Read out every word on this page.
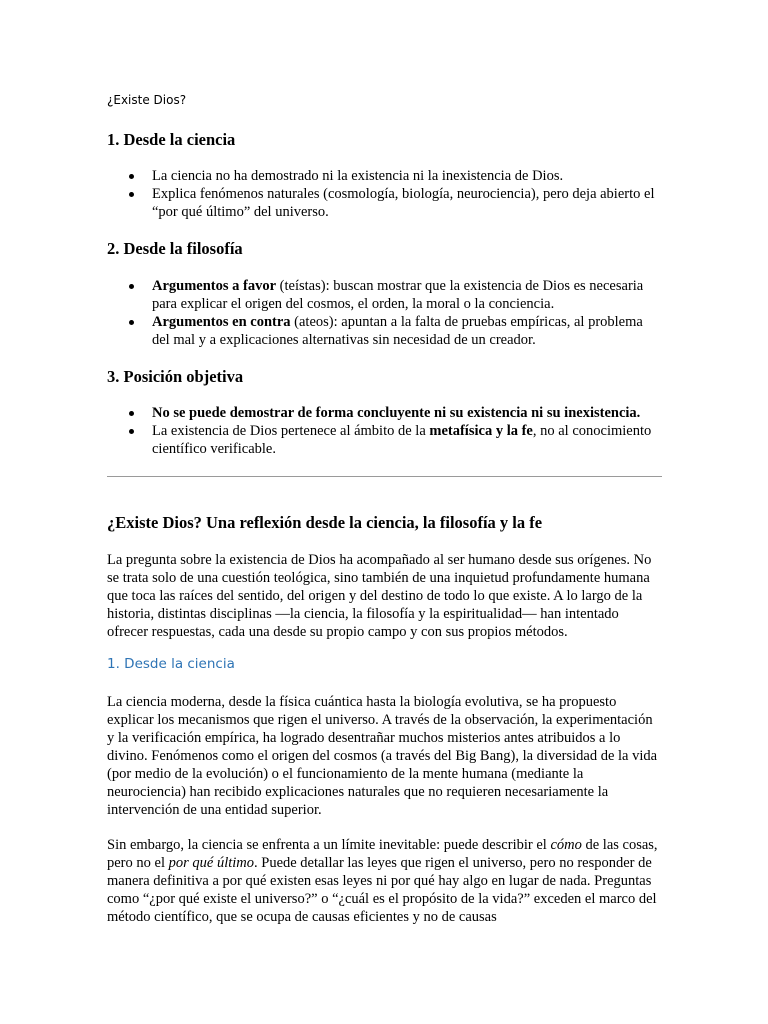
¿Existe Dios?

1. Desde la ciencia
La ciencia no ha demostrado ni la existencia ni la inexistencia de Dios.
Explica fenómenos naturales (cosmología, biología, neurociencia), pero deja abierto el “por qué último” del universo.
2. Desde la filosofía
Argumentos a favor (teístas): buscan mostrar que la existencia de Dios es necesaria para explicar el origen del cosmos, el orden, la moral o la conciencia.
Argumentos en contra (ateos): apuntan a la falta de pruebas empíricas, al problema del mal y a explicaciones alternativas sin necesidad de un creador.
3. Posición objetiva
No se puede demostrar de forma concluyente ni su existencia ni su inexistencia.
La existencia de Dios pertenece al ámbito de la metafísica y la fe, no al conocimiento científico verificable.
¿Existe Dios? Una reflexión desde la ciencia, la filosofía y la fe

La pregunta sobre la existencia de Dios ha acompañado al ser humano desde sus orígenes. No se trata solo de una cuestión teológica, sino también de una inquietud profundamente humana que toca las raíces del sentido, del origen y del destino de todo lo que existe. A lo largo de la historia, distintas disciplinas —la ciencia, la filosofía y la espiritualidad— han intentado ofrecer respuestas, cada una desde su propio campo y con sus propios métodos.

1. Desde la ciencia

La ciencia moderna, desde la física cuántica hasta la biología evolutiva, se ha propuesto explicar los mecanismos que rigen el universo. A través de la observación, la experimentación y la verificación empírica, ha logrado desentrañar muchos misterios antes atribuidos a lo divino. Fenómenos como el origen del cosmos (a través del Big Bang), la diversidad de la vida (por medio de la evolución) o el funcionamiento de la mente humana (mediante la neurociencia) han recibido explicaciones naturales que no requieren necesariamente la intervención de una entidad superior.

Sin embargo, la ciencia se enfrenta a un límite inevitable: puede describir el cómo de las cosas, pero no el por qué último. Puede detallar las leyes que rigen el universo, pero no responder de manera definitiva a por qué existen esas leyes ni por qué hay algo en lugar de nada. Preguntas como “¿por qué existe el universo?” o “¿cuál es el propósito de la vida?” exceden el marco del método científico, que se ocupa de causas eficientes y no de causas
